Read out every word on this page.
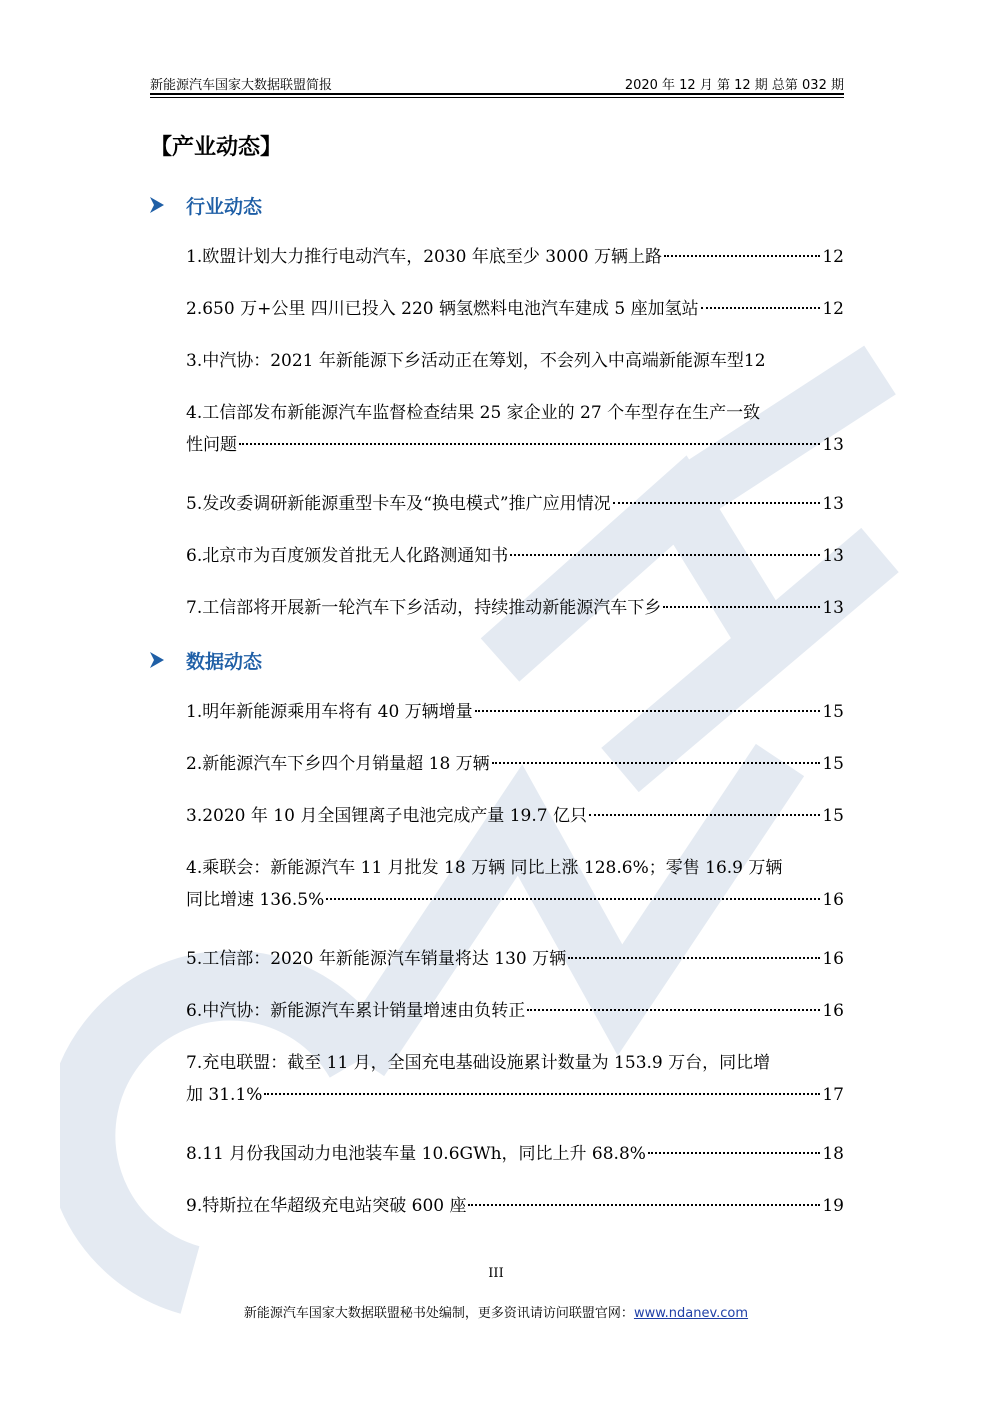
新能源汽车国家大数据联盟简报	2020 年 12 月 第 12 期 总第 032 期
【产业动态】
行业动态
1.欧盟计划大力推行电动汽车，2030 年底至少 3000 万辆上路	12
2.650 万+公里 四川已投入 220 辆氢燃料电池汽车建成 5 座加氢站	12
3.中汽协：2021 年新能源下乡活动正在筹划，不会列入中高端新能源车型 12
4.工信部发布新能源汽车监督检查结果 25 家企业的 27 个车型存在生产一致
性问题	13
5.发改委调研新能源重型卡车及“换电模式”推广应用情况	13
6.北京市为百度颁发首批无人化路测通知书	13
7.工信部将开展新一轮汽车下乡活动，持续推动新能源汽车下乡	13
数据动态
1.明年新能源乘用车将有 40 万辆增量	15
2.新能源汽车下乡四个月销量超 18 万辆	15
3.2020 年 10 月全国锂离子电池完成产量 19.7 亿只	15
4.乘联会：新能源汽车 11 月批发 18 万辆 同比上涨 128.6%；零售 16.9 万辆
同比增速 136.5%	16
5.工信部：2020 年新能源汽车销量将达 130 万辆	16
6.中汽协：新能源汽车累计销量增速由负转正	16
7.充电联盟：截至 11 月，全国充电基础设施累计数量为 153.9 万台，同比增
加 31.1%	17
8.11 月份我国动力电池装车量 10.6GWh，同比上升 68.8%	18
9.特斯拉在华超级充电站突破 600 座	19
III
新能源汽车国家大数据联盟秘书处编制，更多资讯请访问联盟官网：www.ndanev.com
